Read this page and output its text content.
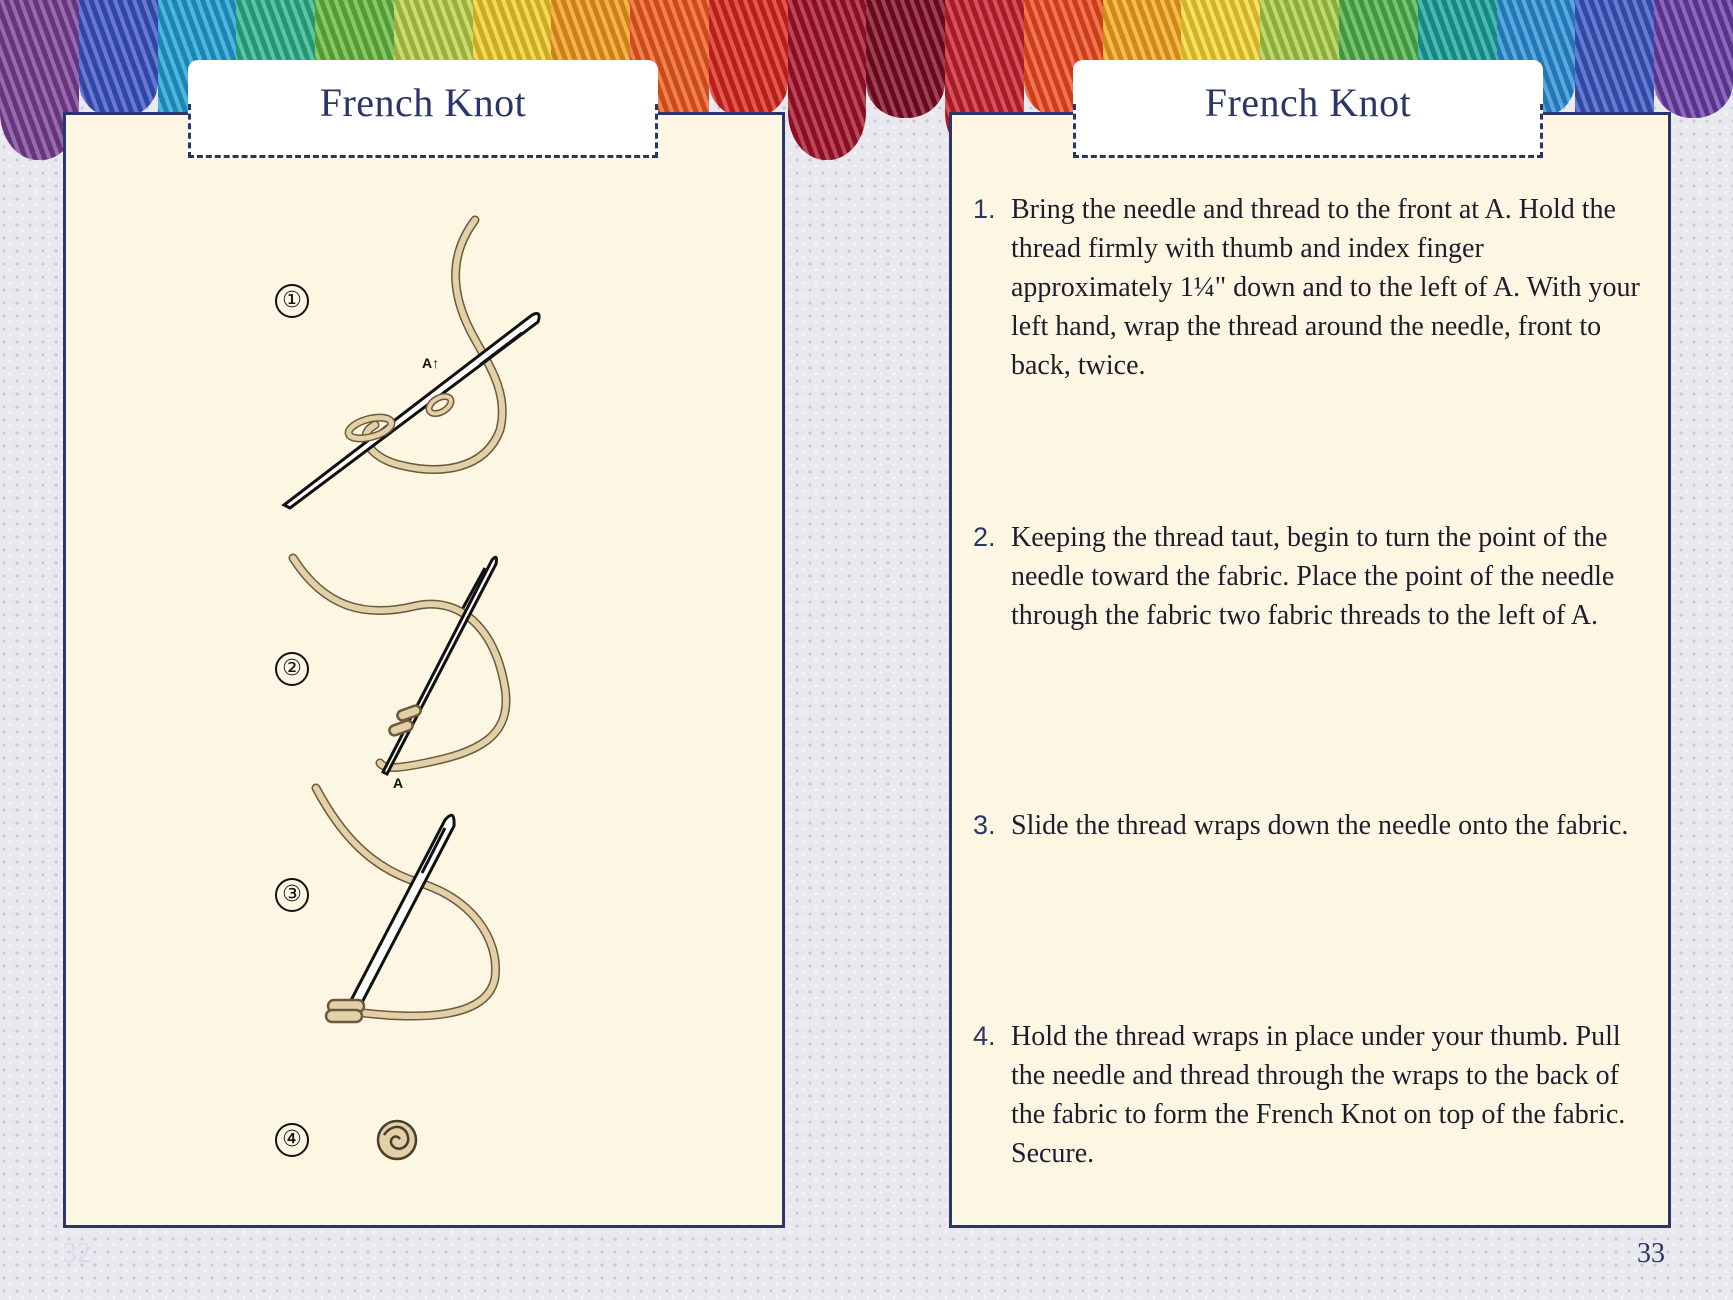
French Knot	French Knot
①
②
③
④
A↑
A
1. Bring the needle and thread to the front at A. Hold the thread firmly with thumb and index finger approximately 1¼" down and to the left of A. With your left hand, wrap the thread around the needle, front to back, twice.
2. Keeping the thread taut, begin to turn the point of the needle toward the fabric. Place the point of the needle through the fabric two fabric threads to the left of A.
3. Slide the thread wraps down the needle onto the fabric.
4. Hold the thread wraps in place under your thumb. Pull the needle and thread through the wraps to the back of the fabric to form the French Knot on top of the fabric. Secure.
32	33
